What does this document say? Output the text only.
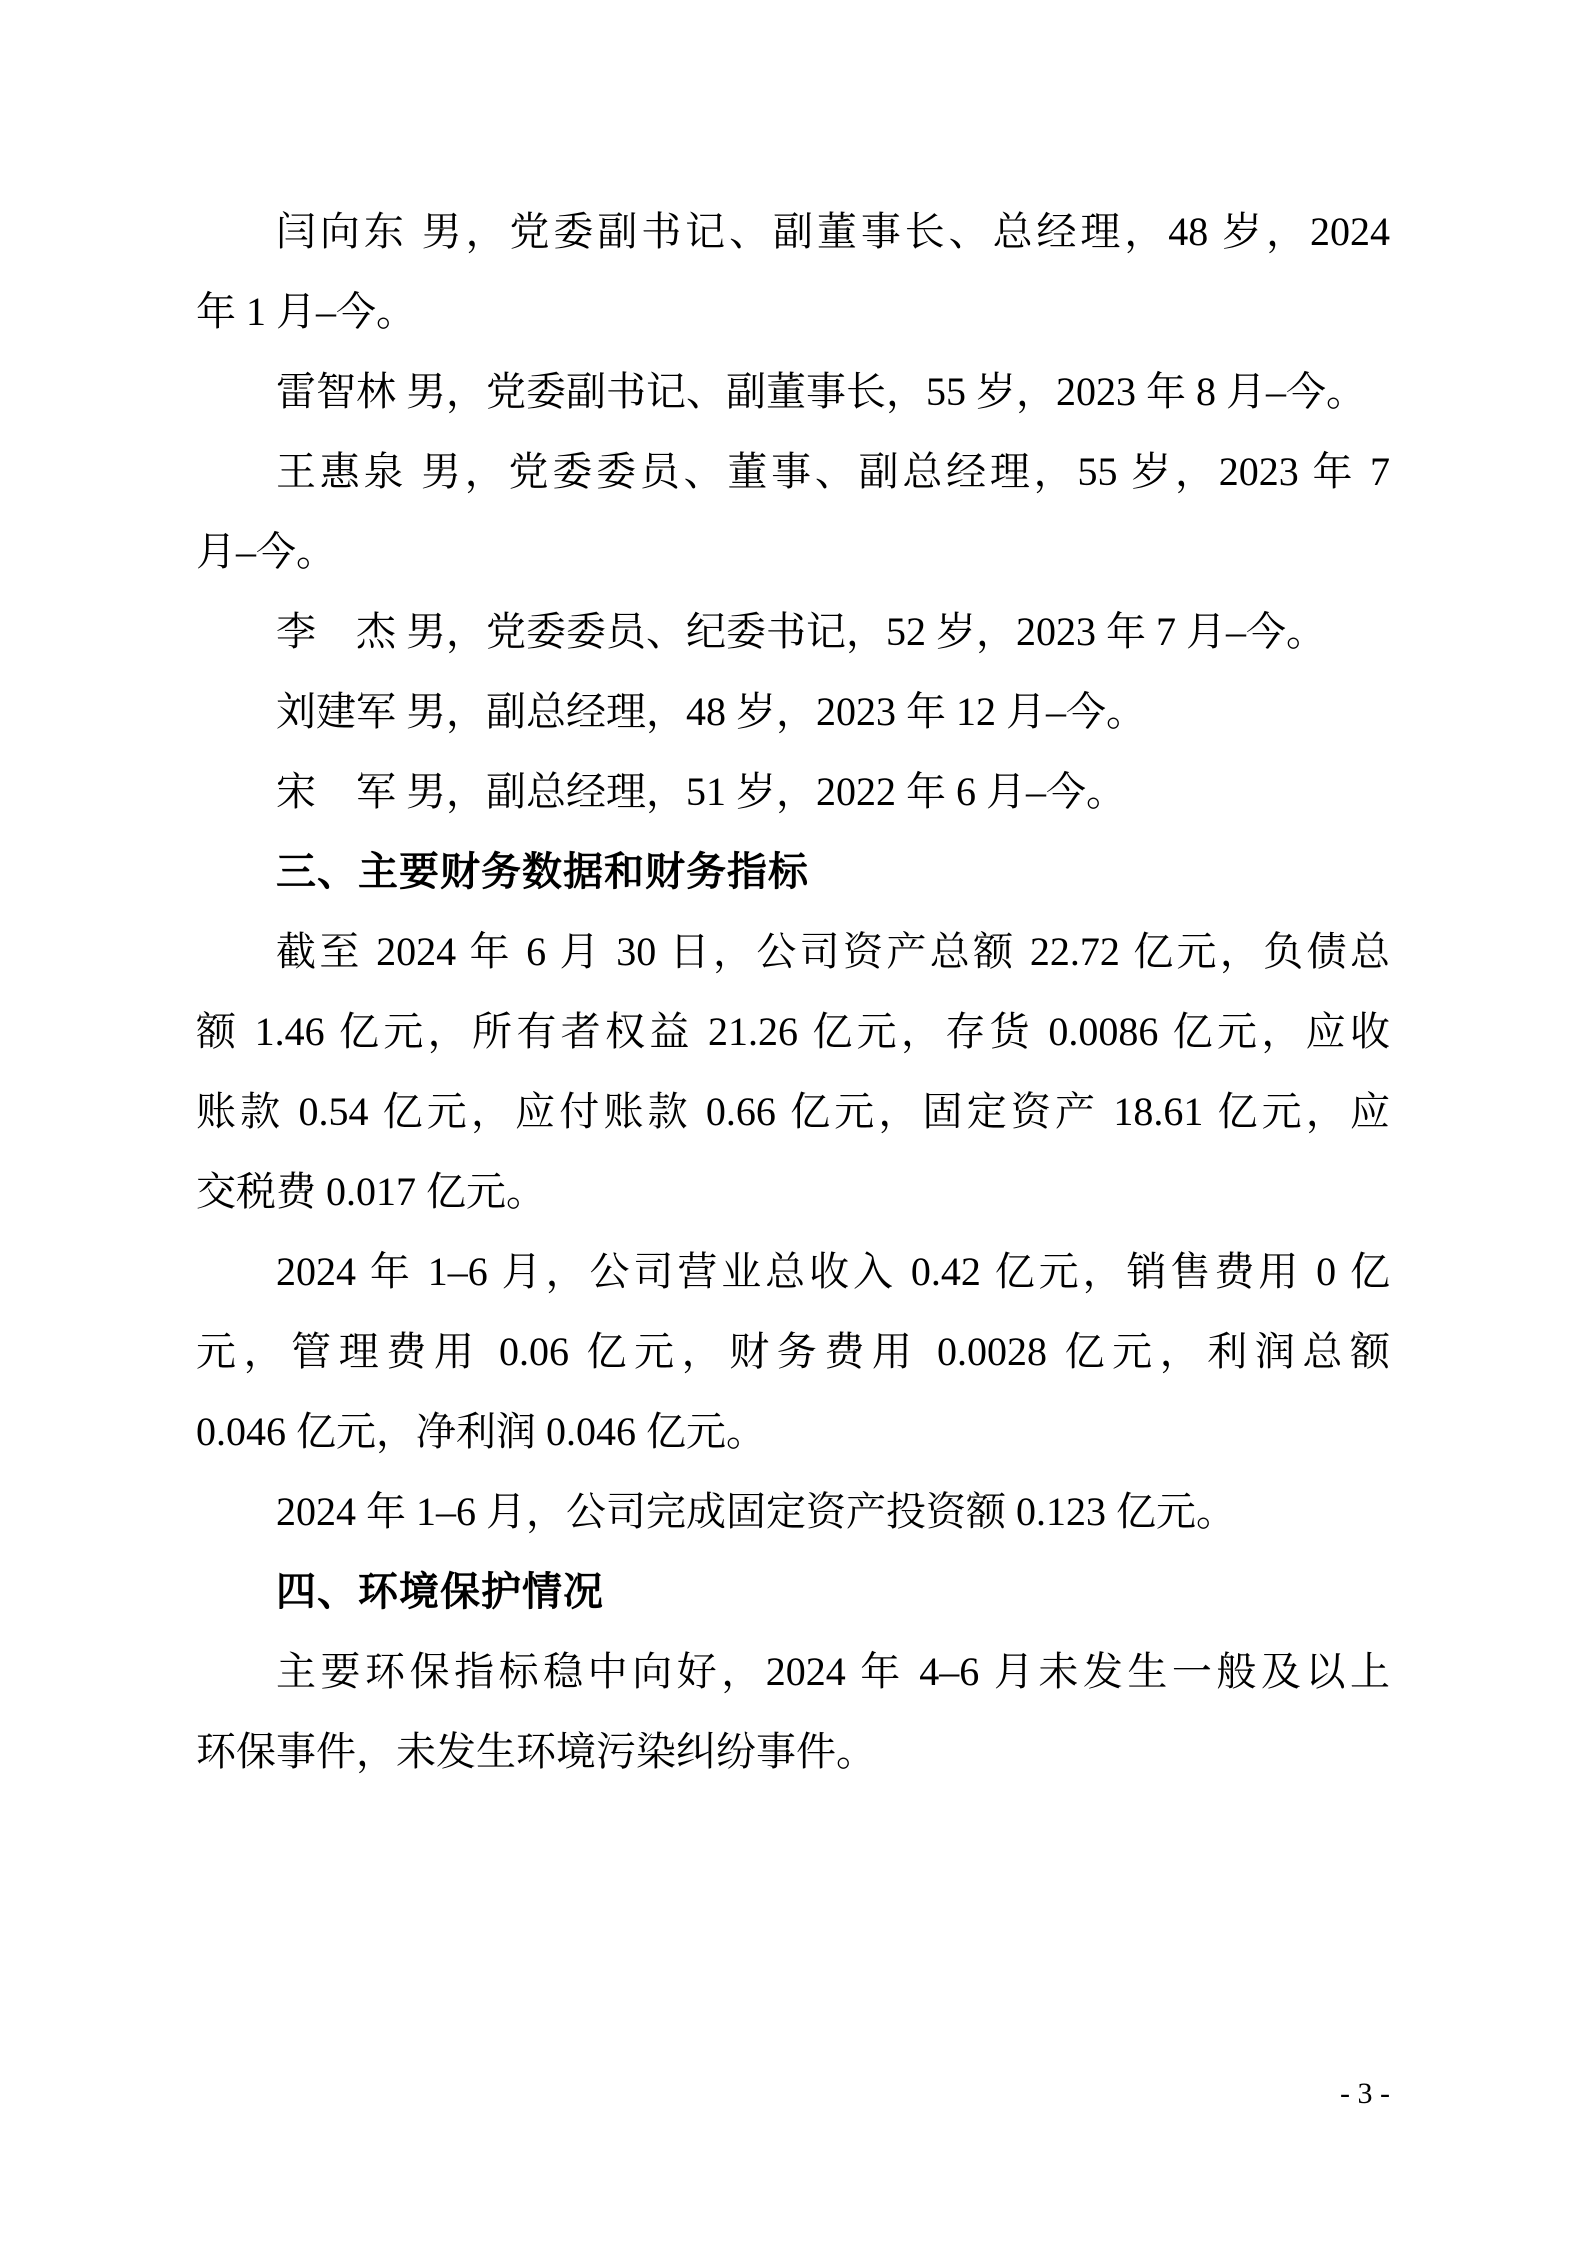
闫向东 男，党委副书记、副董事长、总经理，48 岁，2024
年 1 月–今。
雷智林 男，党委副书记、副董事长，55 岁，2023 年 8 月–今。
王惠泉 男，党委委员、董事、副总经理，55 岁，2023 年 7
月–今。
李　杰 男，党委委员、纪委书记，52 岁，2023 年 7 月–今。
刘建军 男，副总经理，48 岁，2023 年 12 月–今。
宋　军 男，副总经理，51 岁，2022 年 6 月–今。
三、主要财务数据和财务指标
截至 2024 年 6 月 30 日，公司资产总额 22.72 亿元，负债总
额 1.46 亿元，所有者权益 21.26 亿元，存货 0.0086 亿元，应收
账款 0.54 亿元，应付账款 0.66 亿元，固定资产 18.61 亿元，应
交税费 0.017 亿元。
2024 年 1–6 月，公司营业总收入 0.42 亿元，销售费用 0 亿
元，管理费用 0.06 亿元，财务费用 0.0028 亿元，利润总额
0.046 亿元，净利润 0.046 亿元。
2024 年 1–6 月，公司完成固定资产投资额 0.123 亿元。
四、环境保护情况
主要环保指标稳中向好，2024 年 4–6 月未发生一般及以上
环保事件，未发生环境污染纠纷事件。
- 3 -
